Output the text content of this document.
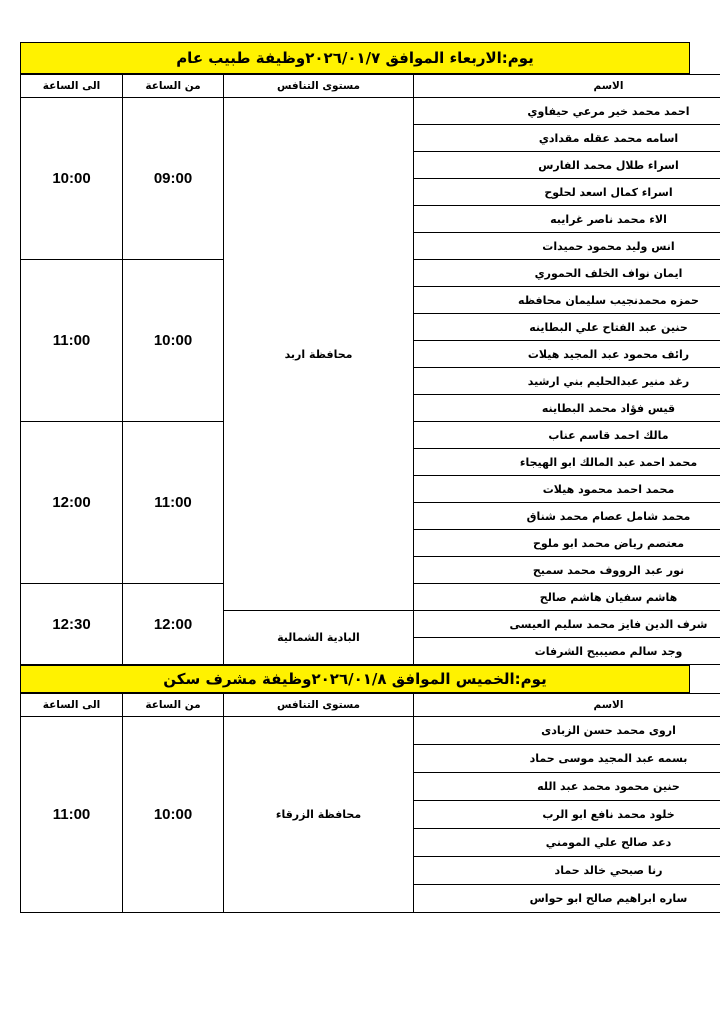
يوم:الاربعاء الموافق ٢٠٢٦/٠١/٧وظيفة طبيب عام
الاسم	مستوى التنافس	من الساعة	الى الساعة
احمد محمد خير مرعي حيفاوي	محافظة اربد	09:00	10:00
اسامه محمد عقله مقدادي			
اسراء طلال محمد الفارس			
اسراء كمال اسعد لحلوح			
الاء محمد ناصر غرايبه			
انس وليد محمود حميدات			
ايمان نواف الخلف الحموري		10:00	11:00
حمزه محمدنجيب سليمان محافظه			
حنين عبد الفتاح علي البطاينه			
رائف محمود عبد المجيد هيلات			
رغد منير عبدالحليم بني ارشيد			
قيس فؤاد محمد البطاينه			
مالك احمد قاسم عناب		11:00	12:00
محمد احمد عبد المالك ابو الهيجاء			
محمد احمد محمود هيلات			
محمد شامل عصام محمد شناق			
معتصم رياض محمد ابو ملوح			
نور عبد الرووف محمد سميح			
هاشم سفيان هاشم صالح		12:00	12:30
شرف الدين فايز محمد سليم العيسى	البادية الشمالية		
وجد سالم مصيبيح الشرفات			
يوم:الخميس الموافق ٢٠٢٦/٠١/٨وظيفة مشرف سكن
الاسم	مستوى التنافس	من الساعة	الى الساعة
اروى محمد حسن الزبادى	محافظة الزرقاء	10:00	11:00
بسمه عبد المجيد موسى حماد			
حنين محمود محمد عبد الله			
خلود محمد نافع ابو الرب			
دعد صالح علي المومني			
رنا صبحي خالد حماد			
ساره ابراهيم صالح ابو حواس			
